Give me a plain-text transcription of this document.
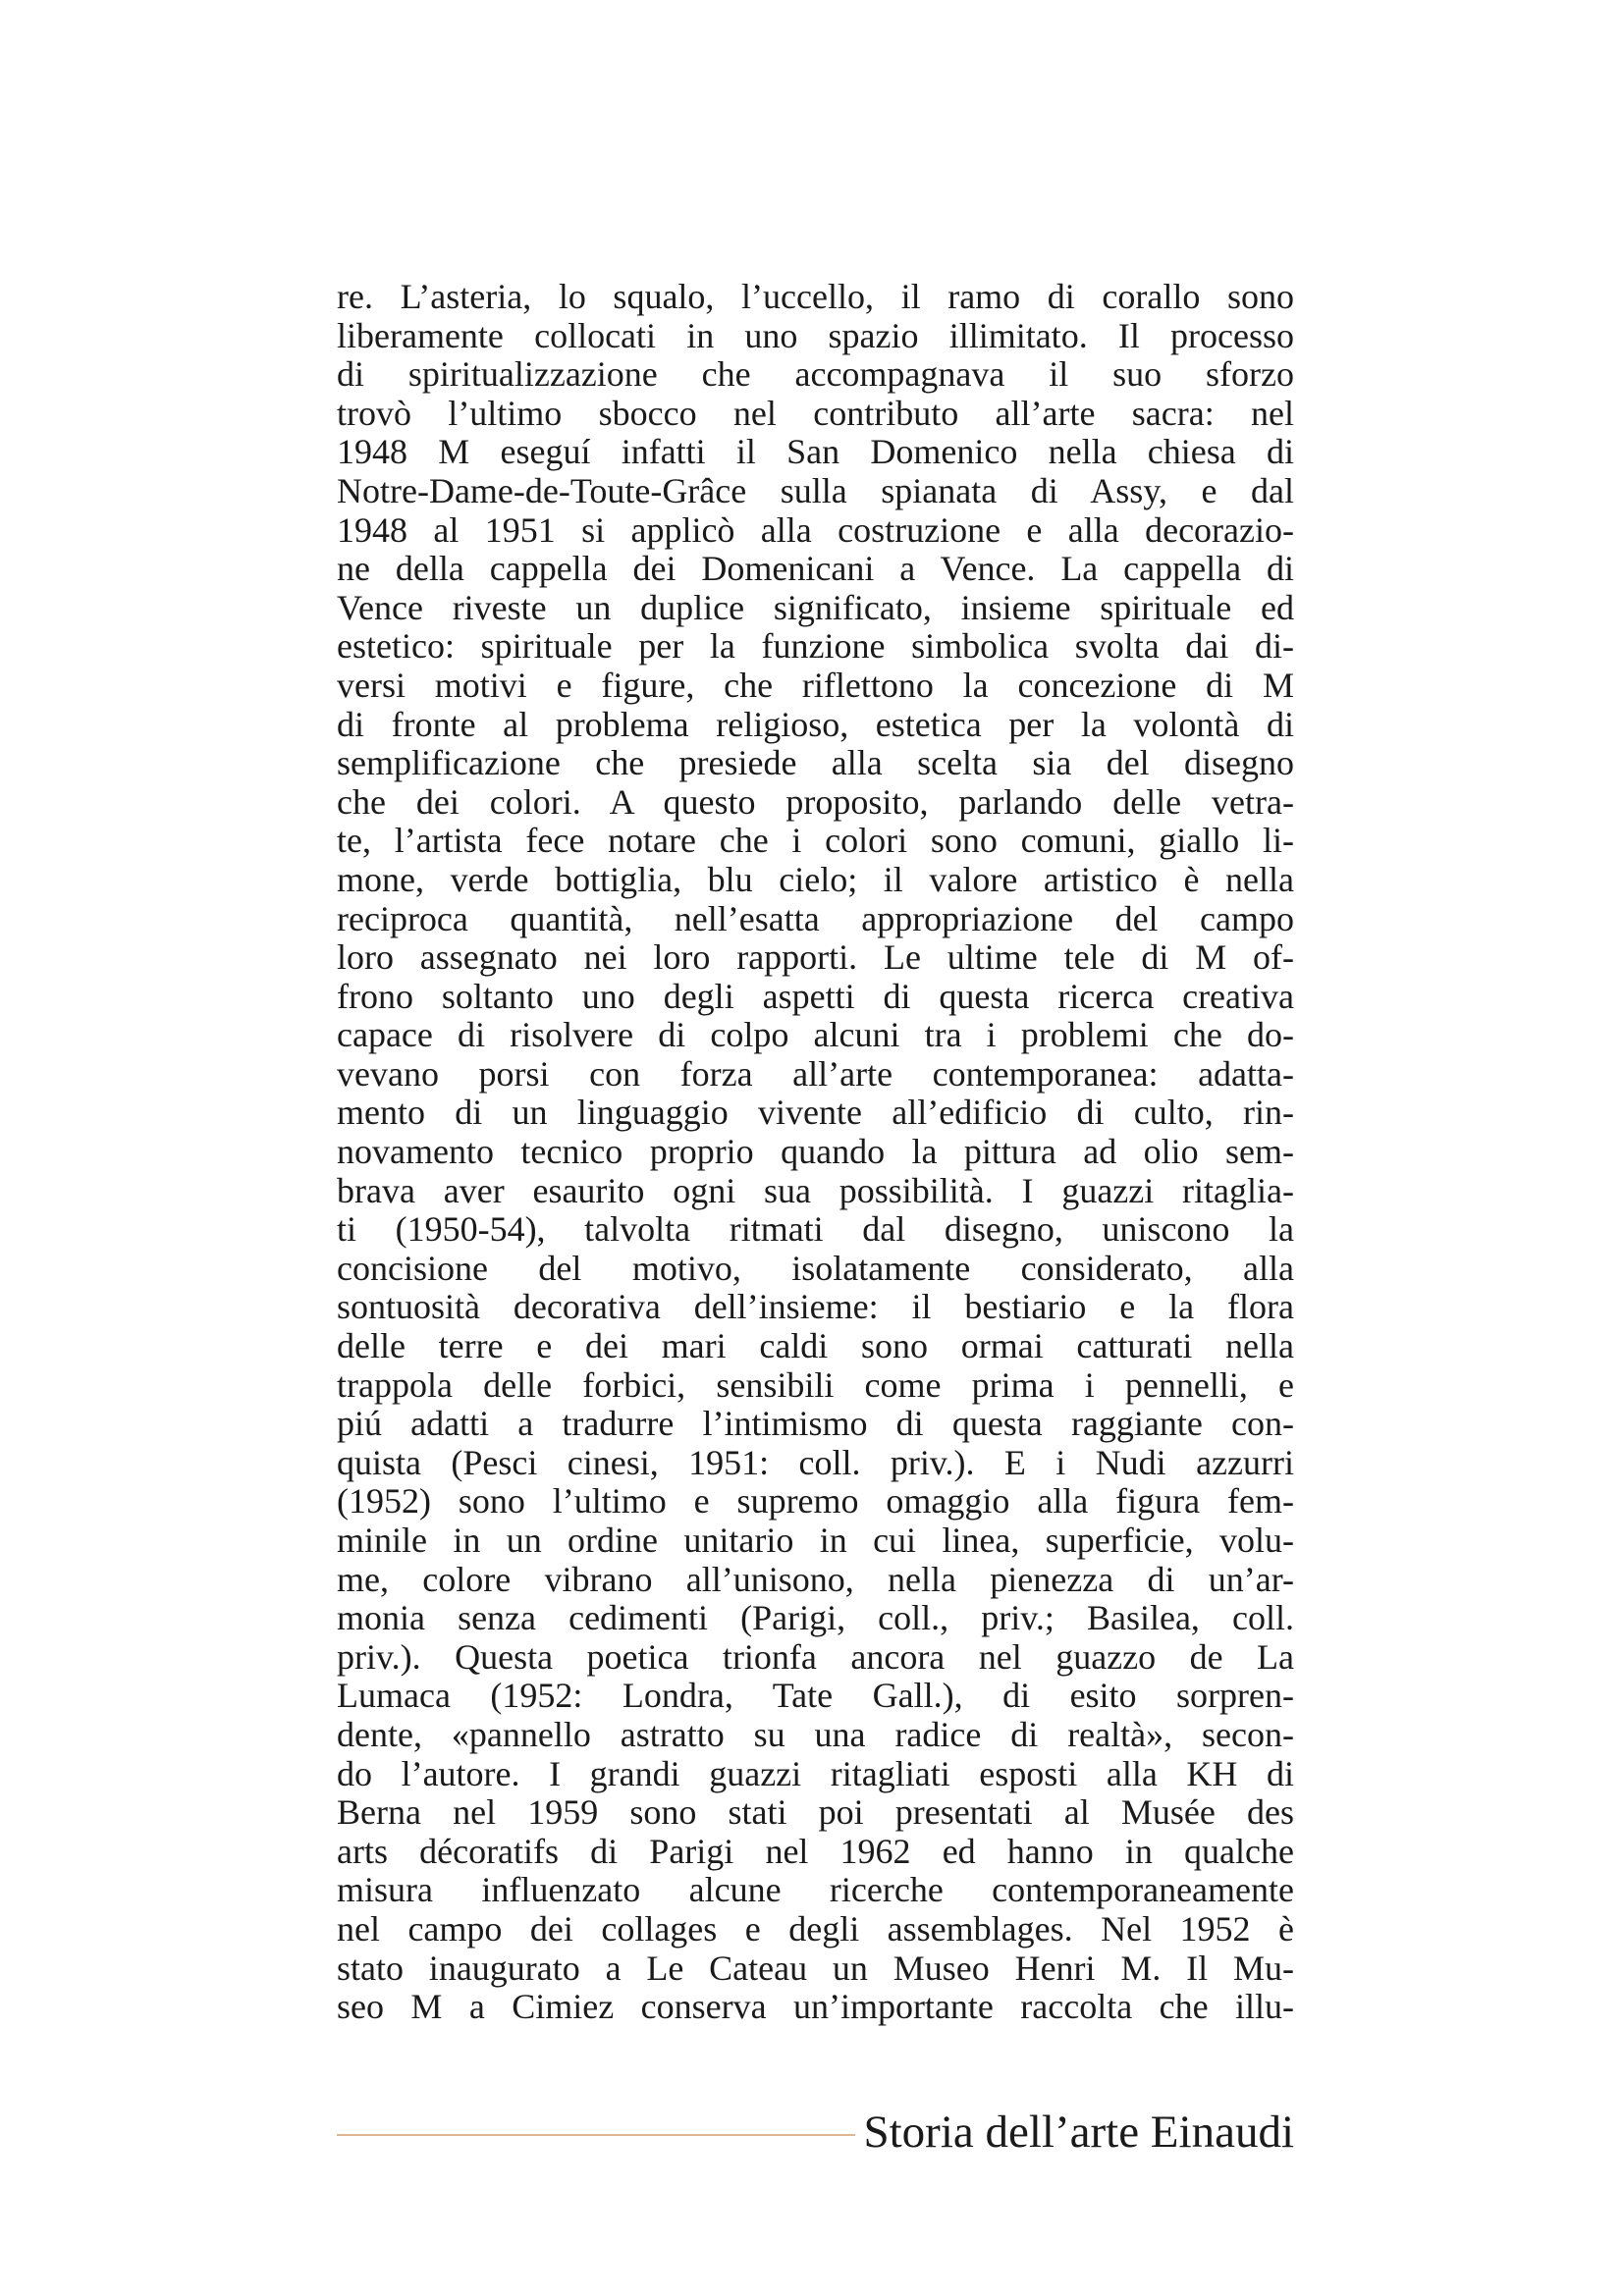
re. L’asteria, lo squalo, l’uccello, il ramo di corallo sono
liberamente collocati in uno spazio illimitato. Il processo
di spiritualizzazione che accompagnava il suo sforzo
trovò l’ultimo sbocco nel contributo all’arte sacra: nel
1948 M eseguí infatti il San Domenico nella chiesa di
Notre-Dame-de-Toute-Grâce sulla spianata di Assy, e dal
1948 al 1951 si applicò alla costruzione e alla decorazio-
ne della cappella dei Domenicani a Vence. La cappella di
Vence riveste un duplice significato, insieme spirituale ed
estetico: spirituale per la funzione simbolica svolta dai di-
versi motivi e figure, che riflettono la concezione di M
di fronte al problema religioso, estetica per la volontà di
semplificazione che presiede alla scelta sia del disegno
che dei colori. A questo proposito, parlando delle vetra-
te, l’artista fece notare che i colori sono comuni, giallo li-
mone, verde bottiglia, blu cielo; il valore artistico è nella
reciproca quantità, nell’esatta appropriazione del campo
loro assegnato nei loro rapporti. Le ultime tele di M of-
frono soltanto uno degli aspetti di questa ricerca creativa
capace di risolvere di colpo alcuni tra i problemi che do-
vevano porsi con forza all’arte contemporanea: adatta-
mento di un linguaggio vivente all’edificio di culto, rin-
novamento tecnico proprio quando la pittura ad olio sem-
brava aver esaurito ogni sua possibilità. I guazzi ritaglia-
ti (1950-54), talvolta ritmati dal disegno, uniscono la
concisione del motivo, isolatamente considerato, alla
sontuosità decorativa dell’insieme: il bestiario e la flora
delle terre e dei mari caldi sono ormai catturati nella
trappola delle forbici, sensibili come prima i pennelli, e
piú adatti a tradurre l’intimismo di questa raggiante con-
quista (Pesci cinesi, 1951: coll. priv.). E i Nudi azzurri
(1952) sono l’ultimo e supremo omaggio alla figura fem-
minile in un ordine unitario in cui linea, superficie, volu-
me, colore vibrano all’unisono, nella pienezza di un’ar-
monia senza cedimenti (Parigi, coll., priv.; Basilea, coll.
priv.). Questa poetica trionfa ancora nel guazzo de La
Lumaca (1952: Londra, Tate Gall.), di esito sorpren-
dente, «pannello astratto su una radice di realtà», secon-
do l’autore. I grandi guazzi ritagliati esposti alla KH di
Berna nel 1959 sono stati poi presentati al Musée des
arts décoratifs di Parigi nel 1962 ed hanno in qualche
misura influenzato alcune ricerche contemporaneamente
nel campo dei collages e degli assemblages. Nel 1952 è
stato inaugurato a Le Cateau un Museo Henri M. Il Mu-
seo M a Cimiez conserva un’importante raccolta che illu-
Storia dell’arte Einaudi
